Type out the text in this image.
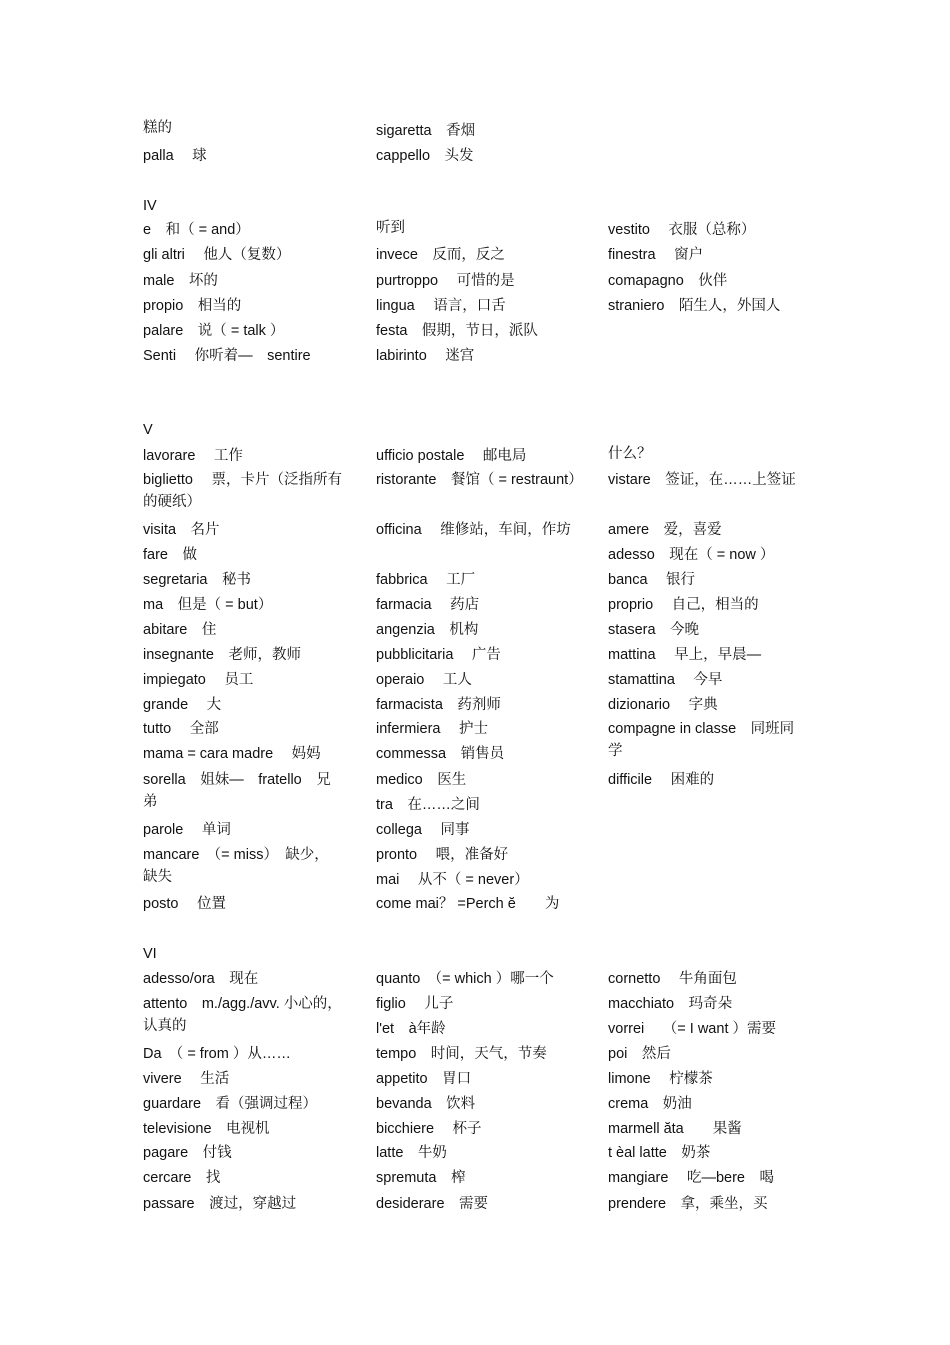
糕的
palla　 球
sigaretta　香烟
cappello　头发
IV
e　和（ = and）
gli altri　 他人（复数）
male　坏的
propio　相当的
palare　说（ = talk ）
Senti　 你听着—　sentire
听到
invece　反而，反之
purtroppo　 可惜的是
lingua　 语言，口舌
festa　假期，节日，派队
labirinto　 迷宫
vestito　 衣服（总称）
finestra　 窗户
comapagno　伙伴
straniero　陌生人，外国人
V
lavorare　 工作
biglietto　 票，卡片（泛指所有的硬纸）
visita　名片
fare　做
segretaria　秘书
ma　但是（ = but）
abitare　住
insegnante　老师，教师
impiegato　 员工
grande　 大
tutto　 全部
mama = cara madre　 妈妈
sorella　姐妹—　fratello　兄弟
parole　 单词
mancare　（= miss）　缺少，缺失
posto　 位置
ufficio postale　 邮电局
ristorante　餐馆（ = restraunt）
officina　 维修站，车间，作坊
fabbrica　 工厂
farmacia　 药店
angenzia　机构
pubblicitaria　 广告
operaio　 工人
farmacista　药剂师
infermiera　 护士
commessa　销售员
medico　医生
tra　在……之间
collega　 同事
pronto　 喂，准备好
mai　 从不（ = never）
come mai？ =Perch ĕ　　为
什么？
vistare　签证，在……上签证
amere　爱，喜爱
adesso　现在（ = now ）
banca　 银行
proprio　 自己，相当的
stasera　今晚
mattina　 早上，早晨—
stamattina　 今早
dizionario　 字典
compagne in classe　同班同学
difficile　 困难的
VI
adesso/ora　现在
attento　m./agg./avv. 小心的，认真的
Da　（ = from ）从……
vivere　 生活
guardare　看（强调过程）
televisione　电视机
pagare　付钱
cercare　找
passare　渡过，穿越过
quanto　（= which ）哪一个
figlio　 儿子
l'et　à年龄
tempo　时间，天气，节奏
appetito　胃口
bevanda　饮料
bicchiere　 杯子
latte　牛奶
spremuta　榨
desiderare　需要
cornetto　 牛角面包
macchiato　玛奇朵
vorrei　 （= I want ）需要
poi　然后
limone　 柠檬茶
crema　奶油
marmell ăta　　果酱
t èal latte　奶茶
mangiare　 吃—bere　喝
prendere　拿，乘坐，买
